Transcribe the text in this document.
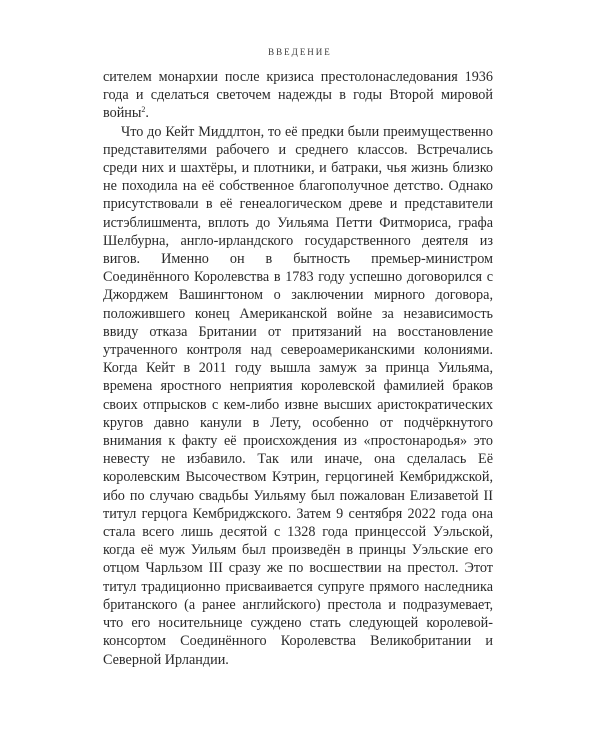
ВВЕДЕНИЕ

сителем монархии после кризиса престолонаследования 1936 года и сделаться светочем надежды в годы Второй мировой войны$^2$.

Что до Кейт Миддлтон, то её предки были преимущественно представителями рабочего и среднего классов. Встречались среди них и шахтёры, и плотники, и батраки, чья жизнь близко не походила на её собственное благополучное детство. Однако присутствовали в её генеалогическом древе и представители истэблишмента, вплоть до Уильяма Петти Фитмориса, графа Шелбурна, англо-ирландского государственного деятеля из вигов. Именно он в бытность премьер-министром Соединённого Королевства в 1783 году успешно договорился с Джорджем Вашингтоном о заключении мирного договора, положившего конец Американской войне за независимость ввиду отказа Британии от притязаний на восстановление утраченного контроля над североамериканскими колониями. Когда Кейт в 2011 году вышла замуж за принца Уильяма, времена яростного неприятия королевской фамилией браков своих отпрысков с кем-либо извне высших аристократических кругов давно канули в Лету, особенно от подчёркнутого внимания к факту её происхождения из «простонародья» это невесту не избавило. Так или иначе, она сделалась Её королевским Высочеством Кэтрин, герцогиней Кембриджской, ибо по случаю свадьбы Уильяму был пожалован Елизаветой II титул герцога Кембриджского. Затем 9 сентября 2022 года она стала всего лишь десятой с 1328 года принцессой Уэльской, когда её муж Уильям был произведён в принцы Уэльские его отцом Чарльзом III сразу же по восшествии на престол. Этот титул традиционно присваивается супруге прямого наследника британского (а ранее английского) престола и подразумевает, что его носительнице суждено стать следующей королевой-консортом Соединённого Королевства Великобритании и Северной Ирландии.
